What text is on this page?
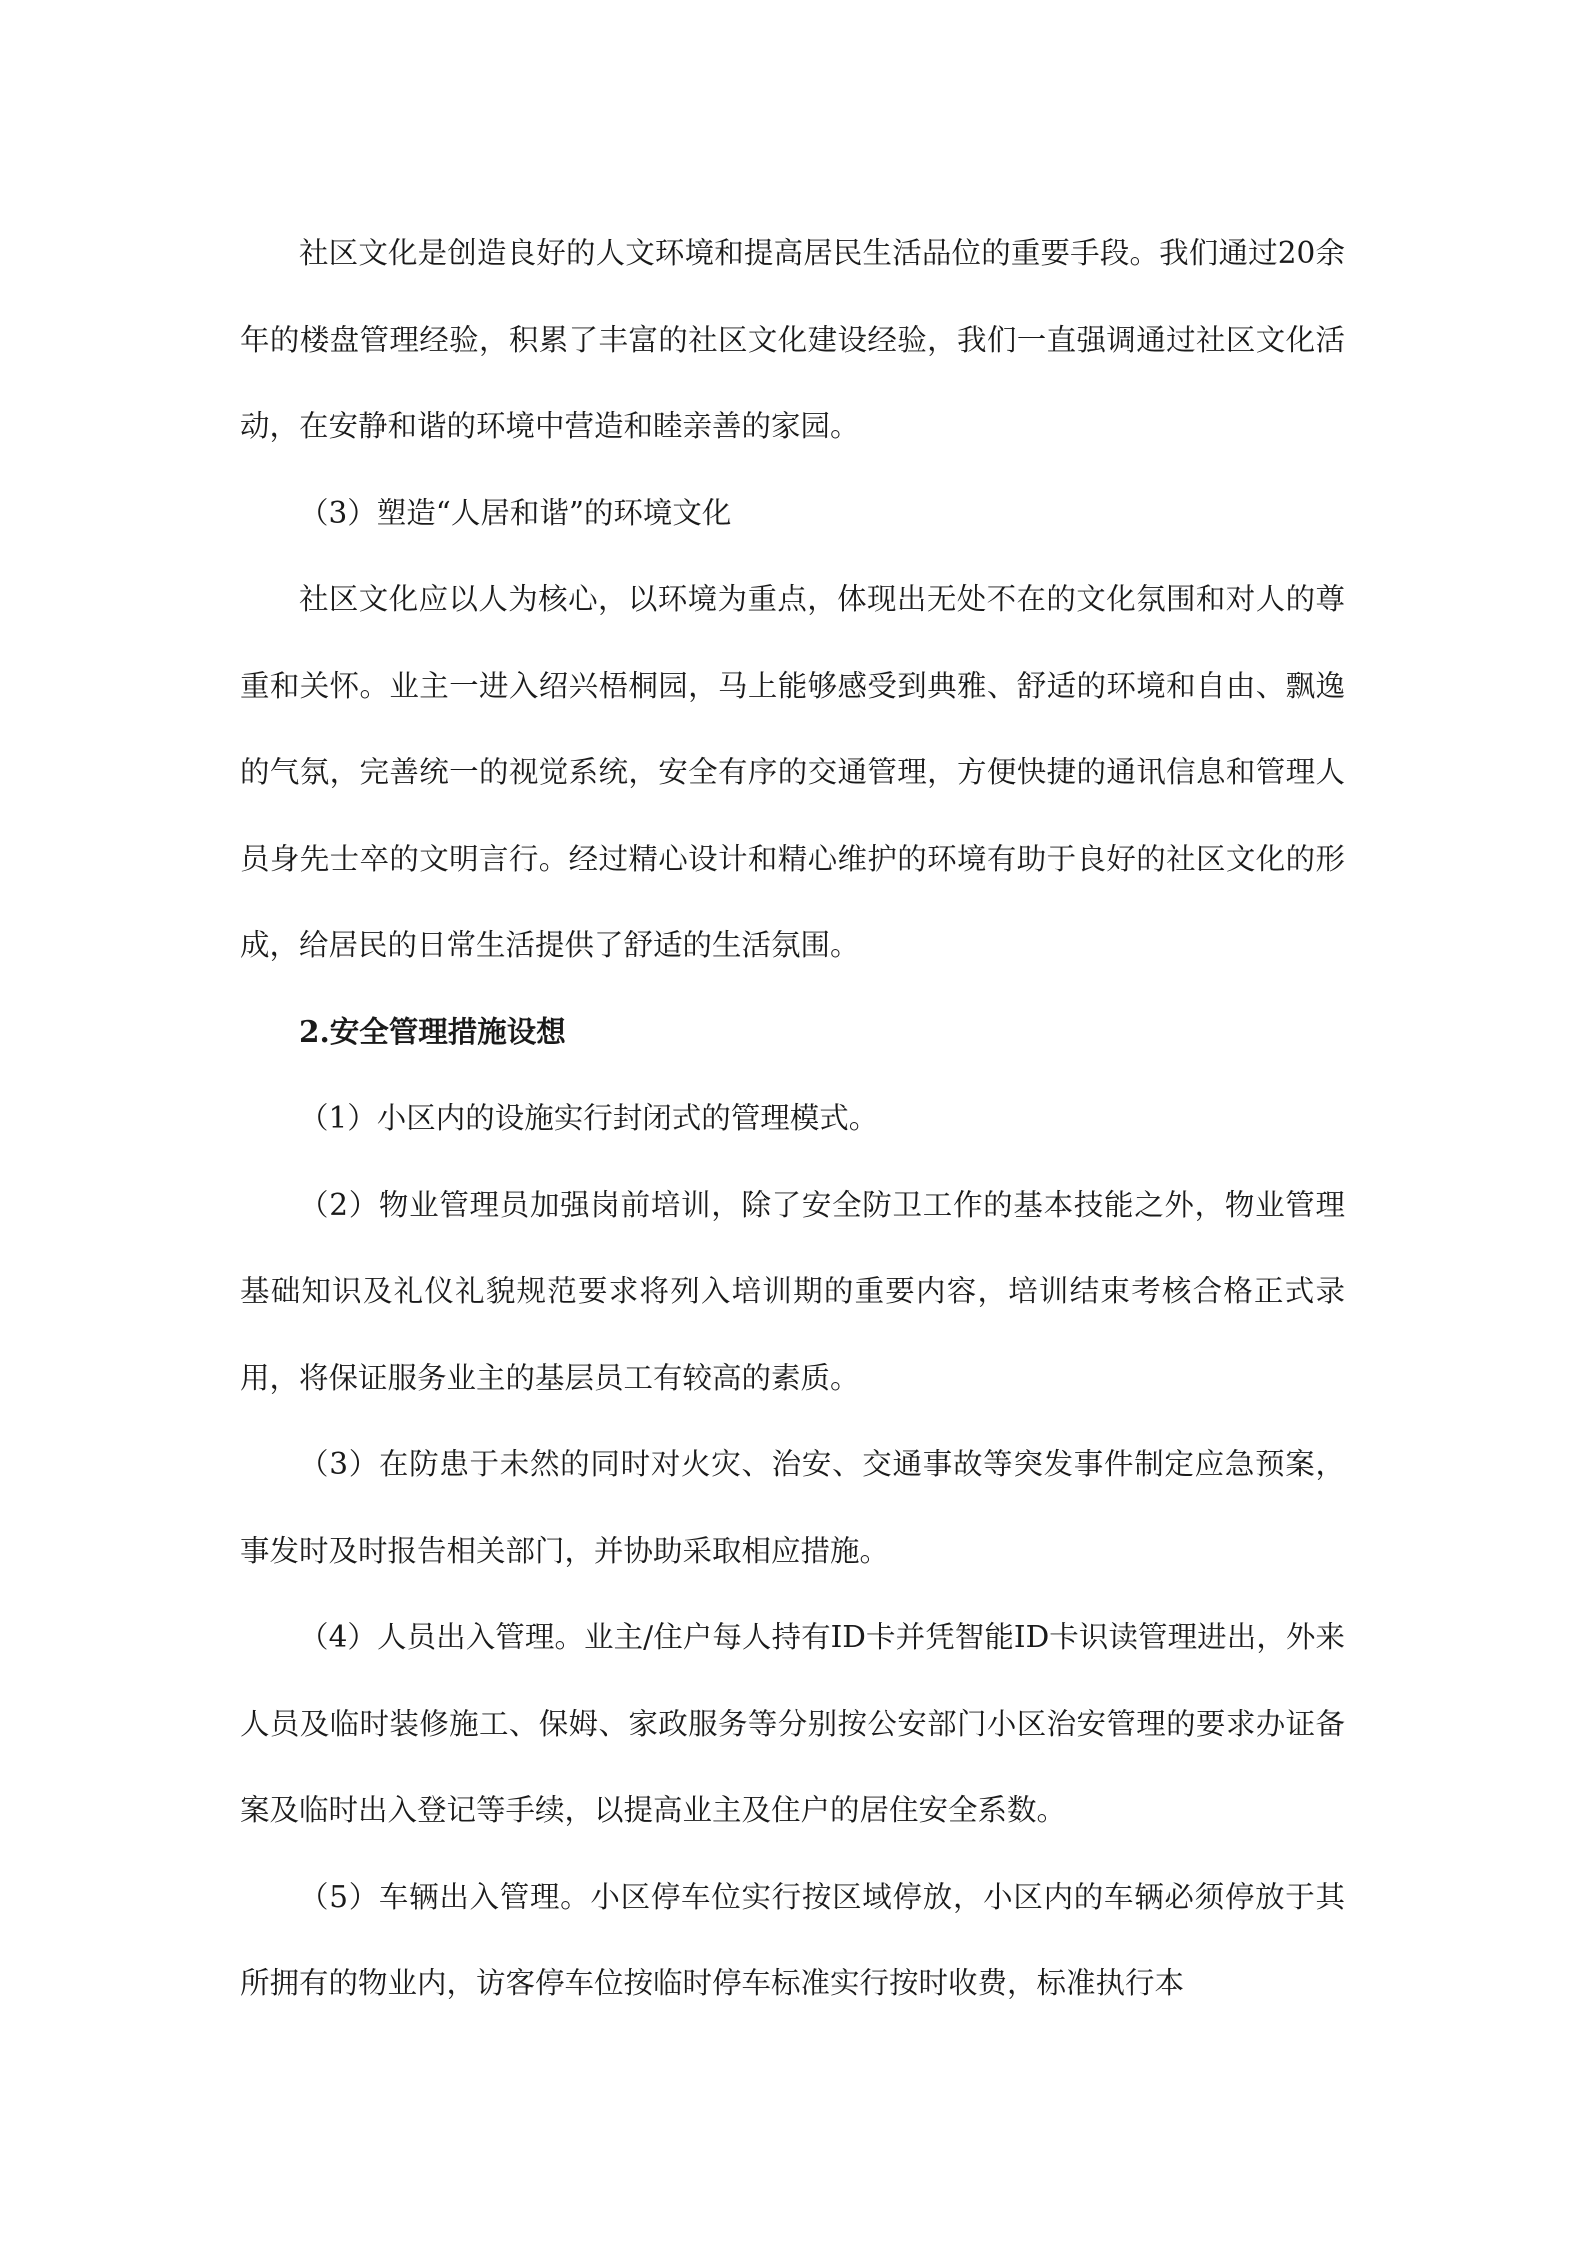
社区文化是创造良好的人文环境和提高居民生活品位的重要手段。我们通过20余年的楼盘管理经验，积累了丰富的社区文化建设经验，我们一直强调通过社区文化活动，在安静和谐的环境中营造和睦亲善的家园。

（3）塑造“人居和谐”的环境文化

社区文化应以人为核心，以环境为重点，体现出无处不在的文化氛围和对人的尊重和关怀。业主一进入绍兴梧桐园，马上能够感受到典雅、舒适的环境和自由、飘逸的气氛，完善统一的视觉系统，安全有序的交通管理，方便快捷的通讯信息和管理人员身先士卒的文明言行。经过精心设计和精心维护的环境有助于良好的社区文化的形成，给居民的日常生活提供了舒适的生活氛围。

2.安全管理措施设想

（1）小区内的设施实行封闭式的管理模式。

（2）物业管理员加强岗前培训，除了安全防卫工作的基本技能之外，物业管理基础知识及礼仪礼貌规范要求将列入培训期的重要内容，培训结束考核合格正式录用，将保证服务业主的基层员工有较高的素质。

（3）在防患于未然的同时对火灾、治安、交通事故等突发事件制定应急预案，事发时及时报告相关部门，并协助采取相应措施。

（4）人员出入管理。业主/住户每人持有ID卡并凭智能ID卡识读管理进出，外来人员及临时装修施工、保姆、家政服务等分别按公安部门小区治安管理的要求办证备案及临时出入登记等手续，以提高业主及住户的居住安全系数。

（5）车辆出入管理。小区停车位实行按区域停放，小区内的车辆必须停放于其所拥有的物业内，访客停车位按临时停车标准实行按时收费，标准执行本
